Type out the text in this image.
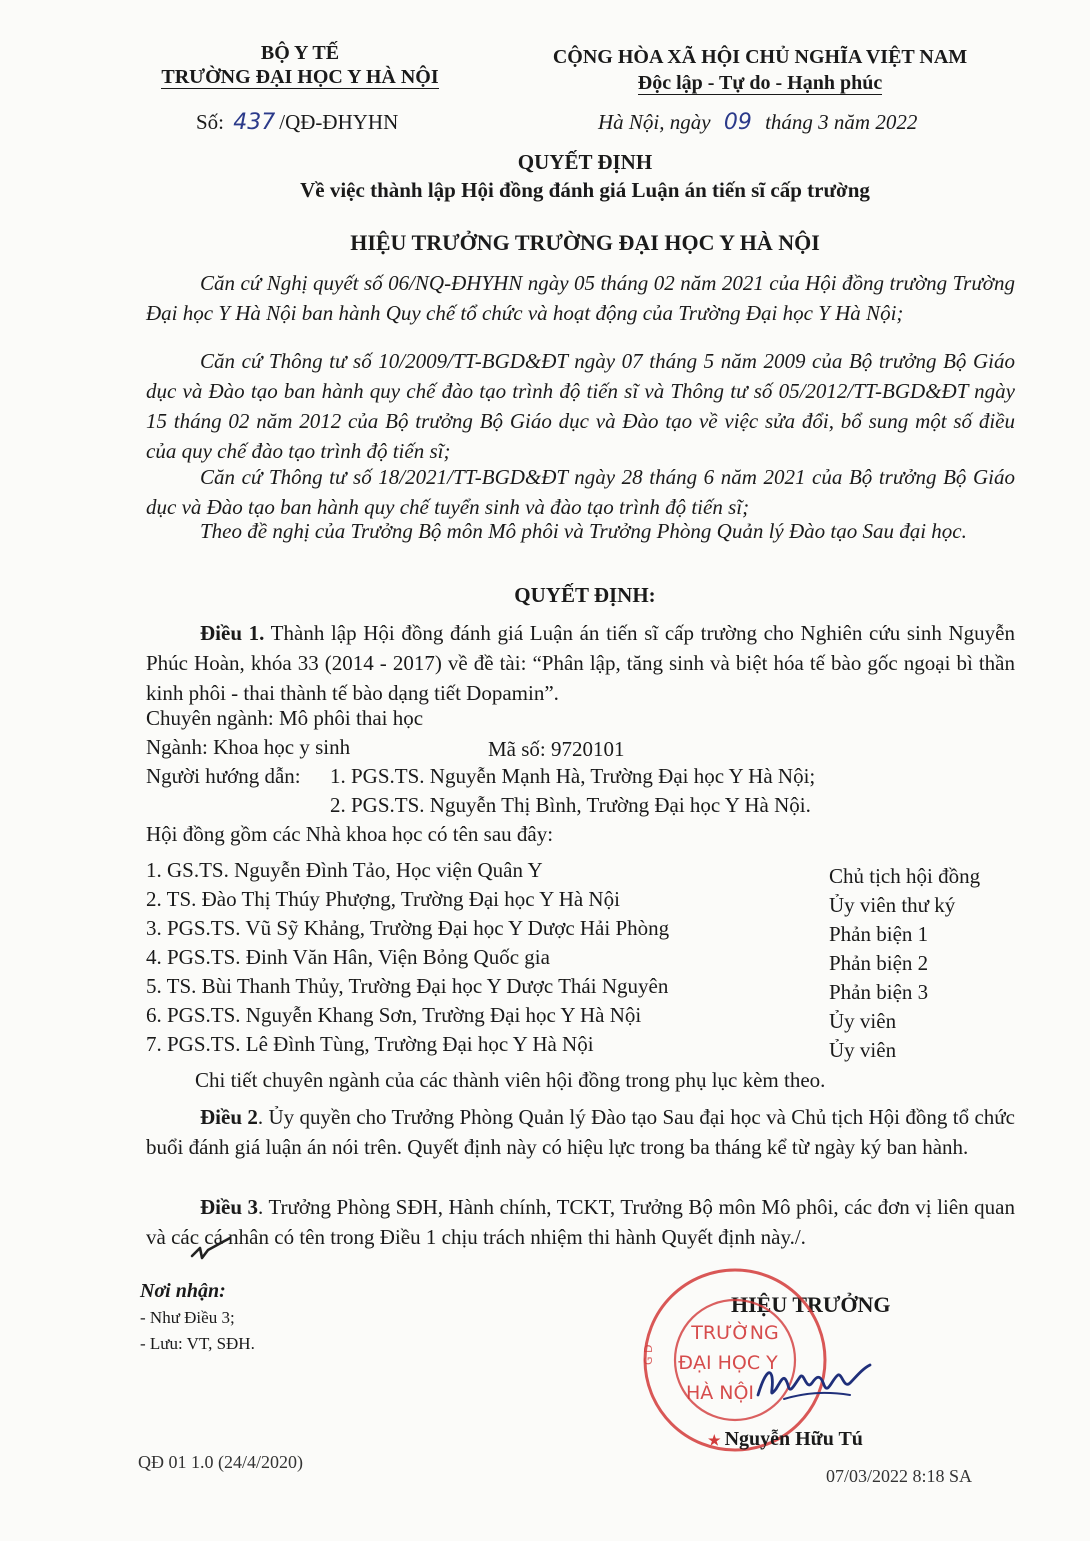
BỘ Y TẾ
TRƯỜNG ĐẠI HỌC Y HÀ NỘI
Số: 437 /QĐ-ĐHYHN
CỘNG HÒA XÃ HỘI CHỦ NGHĨA VIỆT NAM
Độc lập - Tự do - Hạnh phúc
Hà Nội, ngày 09 tháng 3 năm 2022
QUYẾT ĐỊNH
Về việc thành lập Hội đồng đánh giá Luận án tiến sĩ cấp trường
HIỆU TRƯỞNG TRƯỜNG ĐẠI HỌC Y HÀ NỘI
Căn cứ Nghị quyết số 06/NQ-ĐHYHN ngày 05 tháng 02 năm 2021 của Hội đồng trường Trường Đại học Y Hà Nội ban hành Quy chế tổ chức và hoạt động của Trường Đại học Y Hà Nội;
Căn cứ Thông tư số 10/2009/TT-BGD&ĐT ngày 07 tháng 5 năm 2009 của Bộ trưởng Bộ Giáo dục và Đào tạo ban hành quy chế đào tạo trình độ tiến sĩ và Thông tư số 05/2012/TT-BGD&ĐT ngày 15 tháng 02 năm 2012 của Bộ trưởng Bộ Giáo dục và Đào tạo về việc sửa đổi, bổ sung một số điều của quy chế đào tạo trình độ tiến sĩ;
Căn cứ Thông tư số 18/2021/TT-BGD&ĐT ngày 28 tháng 6 năm 2021 của Bộ trưởng Bộ Giáo dục và Đào tạo ban hành quy chế tuyển sinh và đào tạo trình độ tiến sĩ;
Theo đề nghị của Trưởng Bộ môn Mô phôi và Trưởng Phòng Quản lý Đào tạo Sau đại học.
QUYẾT ĐỊNH:
Điều 1. Thành lập Hội đồng đánh giá Luận án tiến sĩ cấp trường cho Nghiên cứu sinh Nguyễn Phúc Hoàn, khóa 33 (2014 - 2017) về đề tài: “Phân lập, tăng sinh và biệt hóa tế bào gốc ngoại bì thần kinh phôi - thai thành tế bào dạng tiết Dopamin”.
Chuyên ngành: Mô phôi thai học
Ngành: Khoa học y sinh	Mã số: 9720101
Người hướng dẫn: 1. PGS.TS. Nguyễn Mạnh Hà, Trường Đại học Y Hà Nội;
2. PGS.TS. Nguyễn Thị Bình, Trường Đại học Y Hà Nội.
Hội đồng gồm các Nhà khoa học có tên sau đây:
1. GS.TS. Nguyễn Đình Tảo, Học viện Quân Y	Chủ tịch hội đồng
2. TS. Đào Thị Thúy Phượng, Trường Đại học Y Hà Nội	Ủy viên thư ký
3. PGS.TS. Vũ Sỹ Khảng, Trường Đại học Y Dược Hải Phòng	Phản biện 1
4. PGS.TS. Đinh Văn Hân, Viện Bỏng Quốc gia	Phản biện 2
5. TS. Bùi Thanh Thủy, Trường Đại học Y Dược Thái Nguyên	Phản biện 3
6. PGS.TS. Nguyễn Khang Sơn, Trường Đại học Y Hà Nội	Ủy viên
7. PGS.TS. Lê Đình Tùng, Trường Đại học Y Hà Nội	Ủy viên
Chi tiết chuyên ngành của các thành viên hội đồng trong phụ lục kèm theo.
Điều 2. Ủy quyền cho Trưởng Phòng Quản lý Đào tạo Sau đại học và Chủ tịch Hội đồng tổ chức buổi đánh giá luận án nói trên. Quyết định này có hiệu lực trong ba tháng kể từ ngày ký ban hành.
Điều 3. Trưởng Phòng SĐH, Hành chính, TCKT, Trưởng Bộ môn Mô phôi, các đơn vị liên quan và các cá nhân có tên trong Điều 1 chịu trách nhiệm thi hành Quyết định này./.
Nơi nhận:
- Như Điều 3;
- Lưu: VT, SĐH.
HIỆU TRƯỞNG
TRƯỜNG
ĐẠI HỌC Y
HÀ NỘI
G D
★ Nguyễn Hữu Tú
QĐ 01 1.0 (24/4/2020)
07/03/2022 8:18 SA
